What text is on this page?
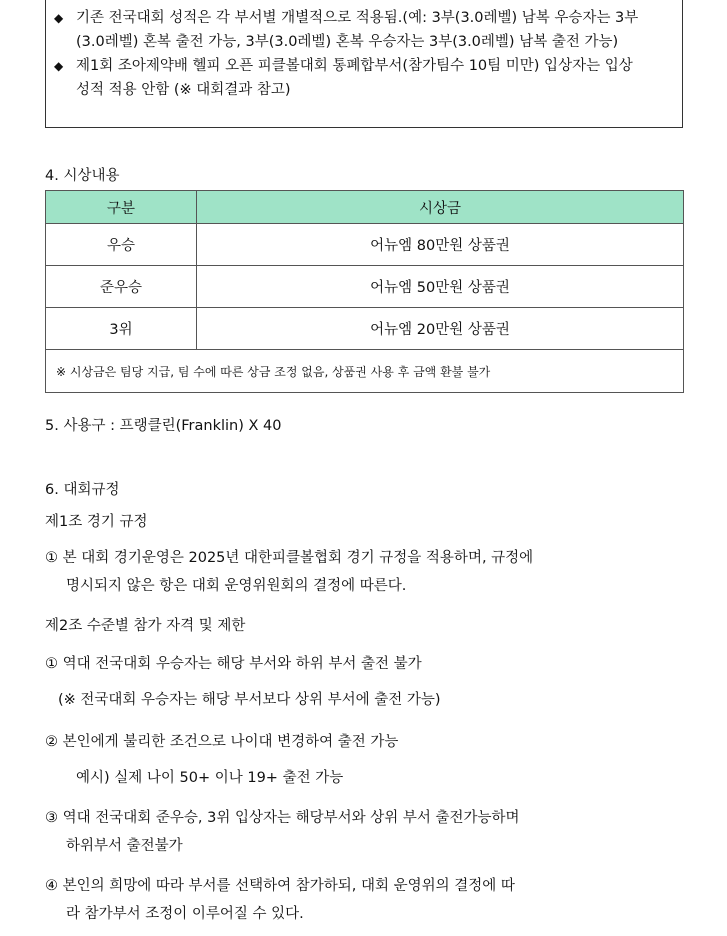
◆ 기존 전국대회 성적은 각 부서별 개별적으로 적용됨.(예: 3부(3.0레벨) 남복 우승자는 3부
(3.0레벨) 혼복 출전 가능, 3부(3.0레벨) 혼복 우승자는 3부(3.0레벨) 남복 출전 가능)
◆ 제1회 조아제약배 헬피 오픈 피클볼대회 통폐합부서(참가팀수 10팀 미만) 입상자는 입상
성적 적용 안함 (※ 대회결과 참고)
4. 시상내용
구분	시상금
우승	어뉴엠 80만원 상품권
준우승	어뉴엠 50만원 상품권
3위	어뉴엠 20만원 상품권
※ 시상금은 팀당 지급, 팀 수에 따른 상금 조정 없음, 상품권 사용 후 금액 환불 불가	
5. 사용구 : 프랭클린(Franklin) X 40
6. 대회규정
제1조 경기 규정
① 본 대회 경기운영은 2025년 대한피클볼협회 경기 규정을 적용하며, 규정에
명시되지 않은 항은 대회 운영위원회의 결정에 따른다.
제2조 수준별 참가 자격 및 제한
① 역대 전국대회 우승자는 해당 부서와 하위 부서 출전 불가
(※ 전국대회 우승자는 해당 부서보다 상위 부서에 출전 가능)
② 본인에게 불리한 조건으로 나이대 변경하여 출전 가능
예시) 실제 나이 50+ 이나 19+ 출전 가능
③ 역대 전국대회 준우승, 3위 입상자는 해당부서와 상위 부서 출전가능하며
하위부서 출전불가
④ 본인의 희망에 따라 부서를 선택하여 참가하되, 대회 운영위의 결정에 따
라 참가부서 조정이 이루어질 수 있다.
